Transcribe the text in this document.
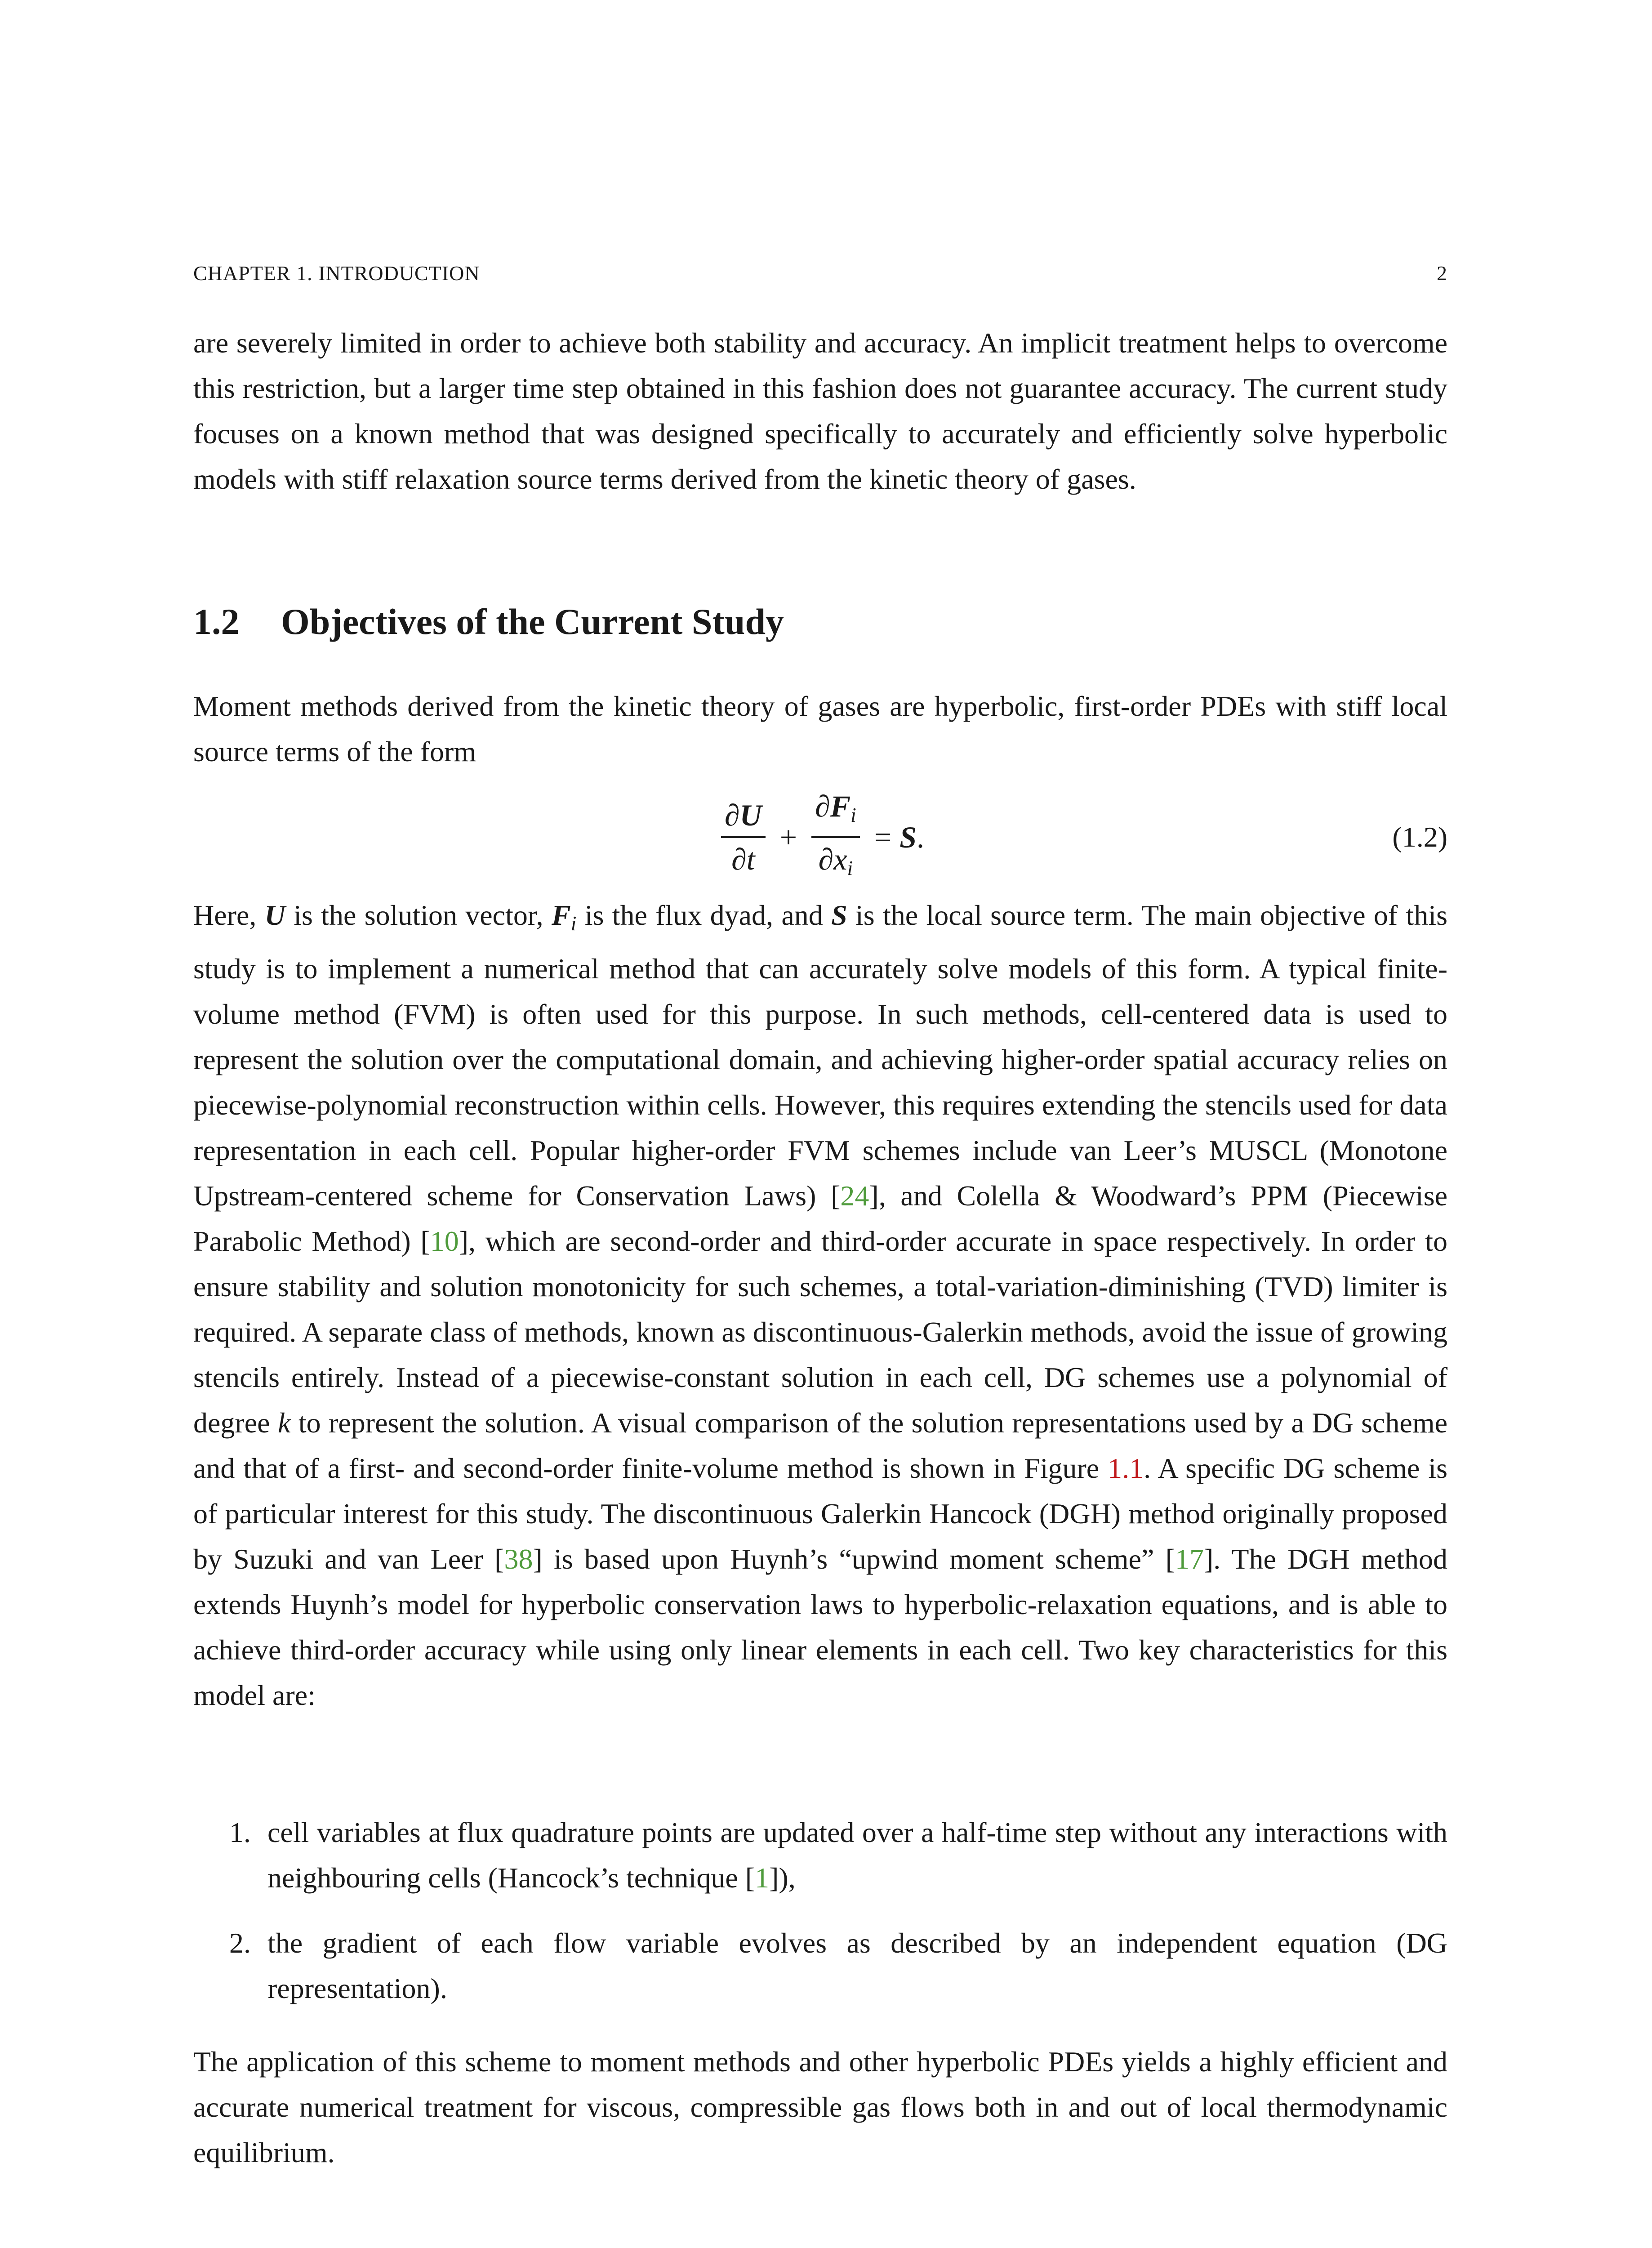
CHAPTER 1. INTRODUCTION	2

are severely limited in order to achieve both stability and accuracy. An implicit treatment helps to overcome this restriction, but a larger time step obtained in this fashion does not guarantee accuracy. The current study focuses on a known method that was designed specifically to accurately and efficiently solve hyperbolic models with stiff relaxation source terms derived from the kinetic theory of gases.

1.2 Objectives of the Current Study

Moment methods derived from the kinetic theory of gases are hyperbolic, first-order PDEs with stiff local source terms of the form

$\frac{\partial U}{\partial t} + \frac{\partial F_i}{\partial x_i} = S$ .	(1.2)

Here, U is the solution vector, $F_i$ is the flux dyad, and S is the local source term. The main objective of this study is to implement a numerical method that can accurately solve models of this form. A typical finite-volume method (FVM) is often used for this purpose. In such methods, cell-centered data is used to represent the solution over the computational domain, and achieving higher-order spatial accuracy relies on piecewise-polynomial reconstruction within cells. However, this requires extending the stencils used for data representation in each cell. Popular higher-order FVM schemes include van Leer’s MUSCL (Monotone Upstream-centered scheme for Conservation Laws) [24], and Colella & Woodward’s PPM (Piecewise Parabolic Method) [10], which are second-order and third-order accurate in space respectively. In order to ensure stability and solution monotonicity for such schemes, a total-variation-diminishing (TVD) limiter is required. A separate class of methods, known as discontinuous-Galerkin methods, avoid the issue of growing stencils entirely. Instead of a piecewise-constant solution in each cell, DG schemes use a polynomial of degree k to represent the solution. A visual comparison of the solution representations used by a DG scheme and that of a first- and second-order finite-volume method is shown in Figure 1.1. A specific DG scheme is of particular interest for this study. The discontinuous Galerkin Hancock (DGH) method originally proposed by Suzuki and van Leer [38] is based upon Huynh’s “upwind moment scheme” [17]. The DGH method extends Huynh’s model for hyperbolic conservation laws to hyperbolic-relaxation equations, and is able to achieve third-order accuracy while using only linear elements in each cell. Two key characteristics for this model are:

1. cell variables at flux quadrature points are updated over a half-time step without any interactions with neighbouring cells (Hancock’s technique [1]),
2. the gradient of each flow variable evolves as described by an independent equation (DG representation).

The application of this scheme to moment methods and other hyperbolic PDEs yields a highly efficient and accurate numerical treatment for viscous, compressible gas flows both in and out of local thermodynamic equilibrium.
